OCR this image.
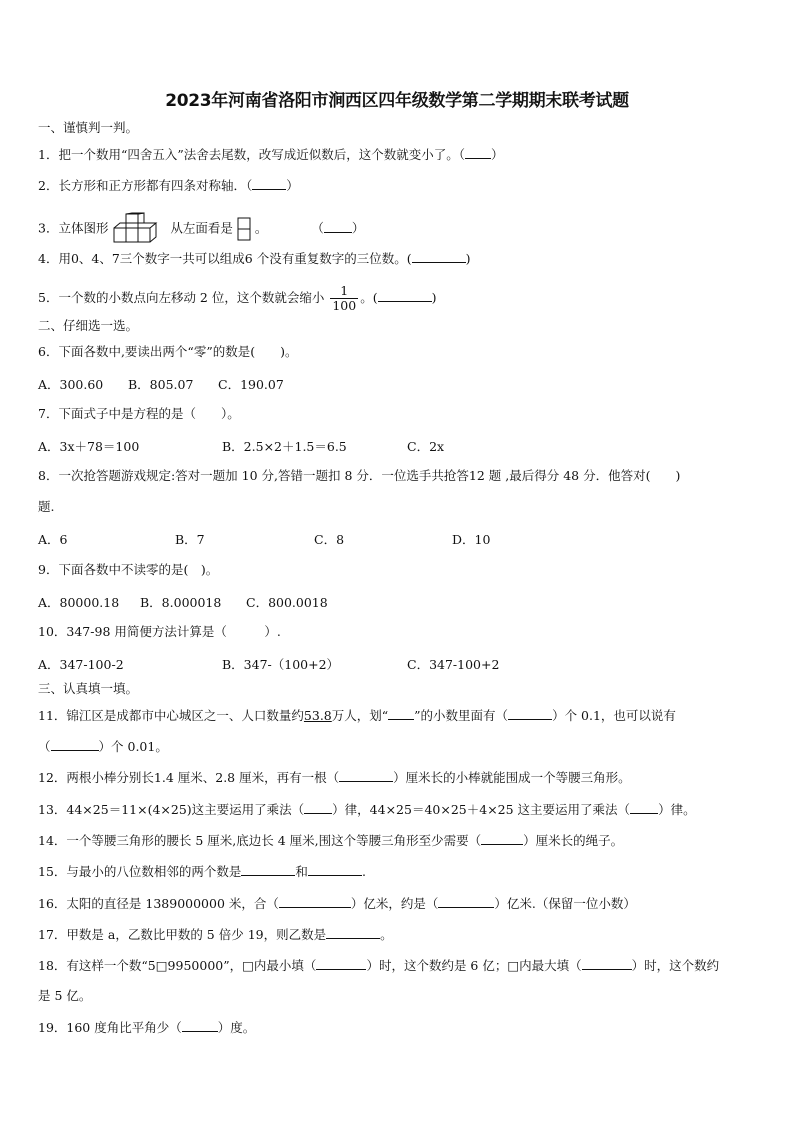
2023年河南省洛阳市涧西区四年级数学第二学期期末联考试题
一、谨慎判一判。
1．把一个数用“四舍五入”法舍去尾数，改写成近似数后，这个数就变小了。（ ）
2．长方形和正方形都有四条对称轴．（	）
3．立体图形	从左面看是 。	（ ）
4．用0、4、7三个数字一共可以组成6 个没有重复数字的三位数。(	)
5．一个数的小数点向左移动 2 位，这个数就会缩小 $\frac{1}{100}$ 。(	)
二、仔细选一选。
6．下面各数中,要读出两个“零”的数是(　　)。
A．300.60 B．805.07 C．190.07
7．下面式子中是方程的是（　　）。
A．3x＋78＝100	B．2.5×2＋1.5＝6.5	C．2x
8．一次抢答题游戏规定:答对一题加 10 分,答错一题扣 8 分．一位选手共抢答12 题 ,最后得分 48 分．他答对(　　)
题.
A．6	B．7	C．8	D．10
9．下面各数中不读零的是(　)。
A．80000.18 B．8.000018 C．800.0018
10．347-98 用简便方法计算是（　　　）.
A．347-100-2	B．347-（100+2）	C．347-100+2
三、认真填一填。
11．锦江区是成都市中心城区之一、人口数量约53.8万人，划“ ”的小数里面有（	）个 0.1，也可以说有
（	）个 0.01。
12．两根小棒分别长1.4 厘米、2.8 厘米，再有一根（	）厘米长的小棒就能围成一个等腰三角形。
13．44×25＝11×(4×25)这主要运用了乘法（ ）律，44×25＝40×25＋4×25 这主要运用了乘法（ ）律。
14．一个等腰三角形的腰长 5 厘米,底边长 4 厘米,围这个等腰三角形至少需要（	）厘米长的绳子。
15．与最小的八位数相邻的两个数是	和	.
16．太阳的直径是 1389000000 米，合（	）亿米，约是（	）亿米.（保留一位小数）
17．甲数是 a，乙数比甲数的 5 倍少 19，则乙数是	。
18．有这样一个数“5□9950000”，□内最小填（	）时，这个数约是 6 亿；□内最大填（	）时，这个数约
是 5 亿。
19．160 度角比平角少（	）度。
